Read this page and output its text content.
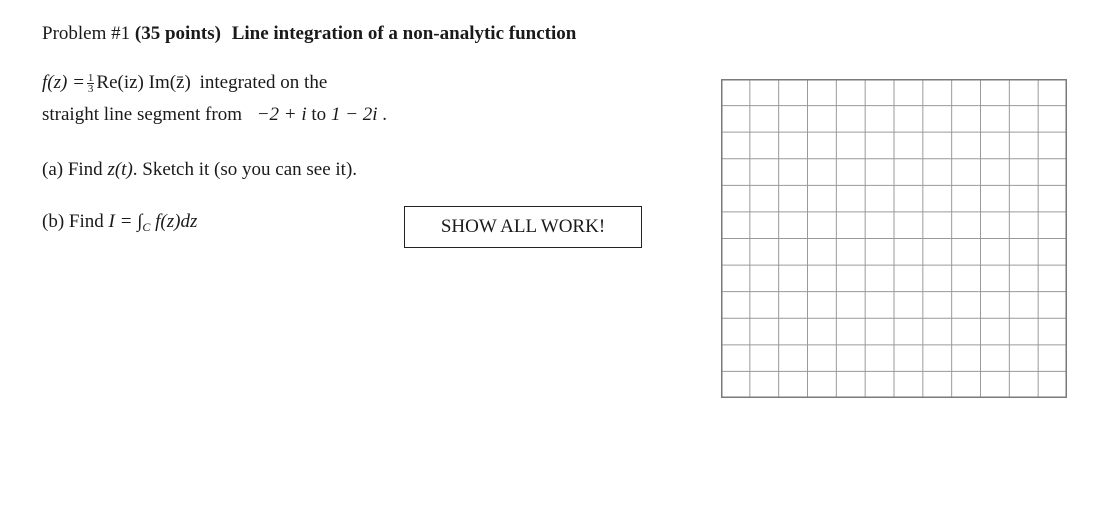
Problem #1 (35 points) Line integration of a non-analytic function
$f(z) = \frac{1}{3} Re(iz)$ Im(z̄) integrated on the
straight line segment from −2 + i to 1 − 2i .
(a) Find z(t). Sketch it (so you can see it).
(b) Find $I = \int_C$ f(z)dz	SHOW ALL WORK!
